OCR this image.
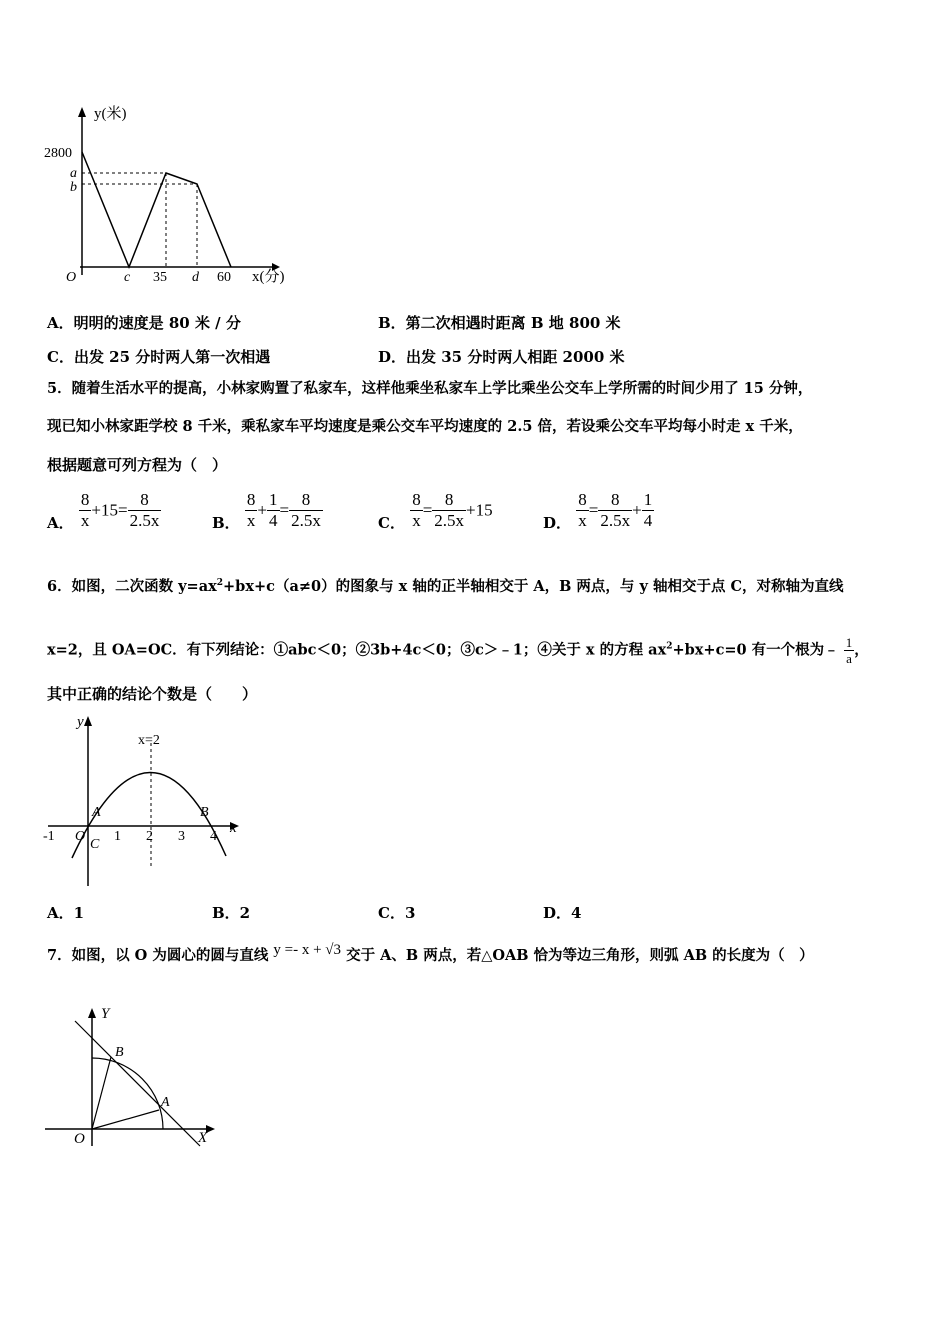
y(米)
x(分)
2800
a
b
O	c 35 d 60
A．明明的速度是 80 米 / 分	B．第二次相遇时距离 B 地 800 米
C．出发 25 分时两人第一次相遇	D．出发 35 分时两人相距 2000 米
5．随着生活水平的提高，小林家购置了私家车，这样他乘坐私家车上学比乘坐公交车上学所需的时间少用了 15 分钟，
现已知小林家距学校 8 千米，乘私家车平均速度是乘公交车平均速度的 2.5 倍，若设乘公交车平均每小时走 x 千米，
根据题意可列方程为（　）
A． $\frac{8}{x} +15= \frac{8}{2.5x}$	B． $\frac{8}{x} + \frac{1}{4} = \frac{8}{2.5x}$	C． $\frac{8}{x} = \frac{8}{2.5x} +15$
D． $\frac{8}{x} = \frac{8}{2.5x} + \frac{1}{4}$
6．如图，二次函数 $y=ax^2+bx+c(a\ne 0)$的图象与 x 轴的正半轴相交于 A，B 两点，与 y 轴相交于点 C，对称轴为直线
x=2，且 OA=OC．有下列结论：①abc＜0；②3b+4c＜0；③c＞﹣1；④关于 x 的方程 $ax^2+bx+c=0$ 有一个根为﹣ $\frac{1}{a}$ ，
其中正确的结论个数是（　　）
y
x
x=2
-1 O 1 2 3 4
A	B
C
A．1	B．2	C．3	D．4
7．如图，以 O 为圆心的圆与直线 y =- x + √3 交于 A、B 两点，若△OAB 恰为等边三角形，则弧 AB 的长度为（　）
Y
X
O
A
B
